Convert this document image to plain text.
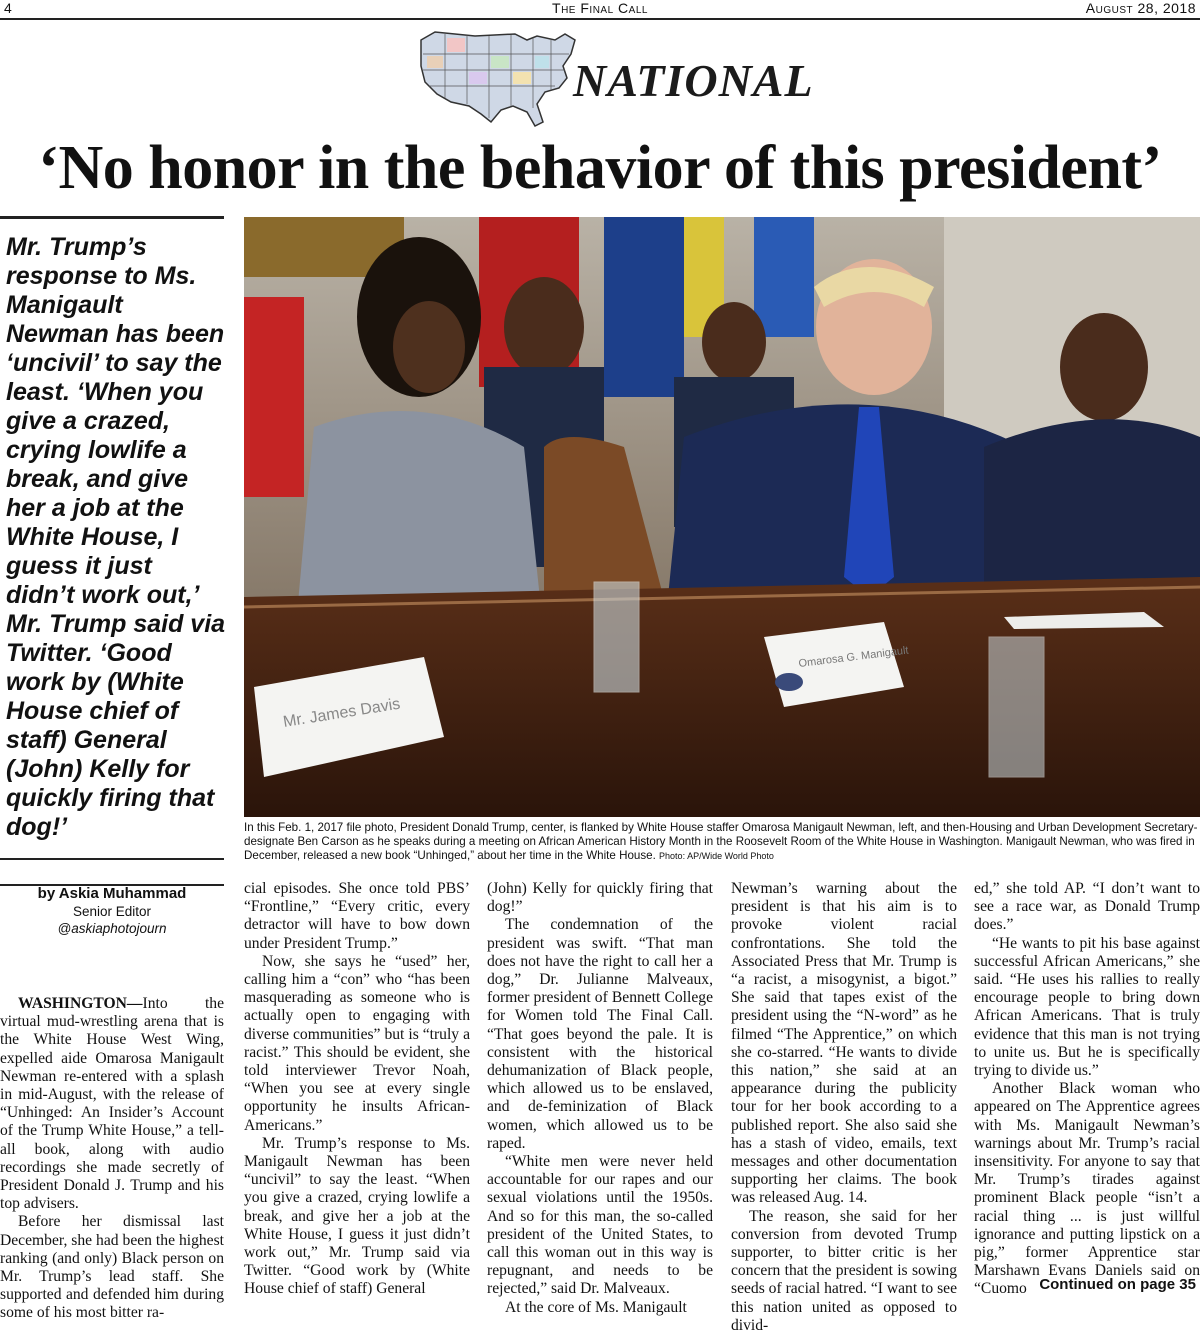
4	The Final Call	August 28, 2018
NATIONAL
‘No honor in the behavior of this president’
Mr. Trump’s response to Ms. Manigault Newman has been ‘uncivil’ to say the least. ‘When you give a crazed, crying lowlife a break, and give her a job at the White House, I guess it just didn’t work out,’ Mr. Trump said via Twitter. ‘Good work by (White House chief of staff) General (John) Kelly for quickly firing that dog!’
Mr. James Davis
Omarosa G. Manigault
In this Feb. 1, 2017 file photo, President Donald Trump, center, is flanked by White House staffer Omarosa Manigault Newman, left, and then-Housing and Urban Development Secretary-designate Ben Carson as he speaks during a meeting on African American History Month in the Roosevelt Room of the White House in Washington. Manigault Newman, who was fired in December, released a new book “Unhinged,” about her time in the White House. Photo: AP/Wide World Photo
by Askia Muhammad
Senior Editor
@askiaphotojourn

WASHINGTON—Into the virtual mud-wrestling arena that is the White House West Wing, expelled aide Omarosa Manigault Newman re-entered with a splash in mid-August, with the release of “Unhinged: An Insider’s Account of the Trump White House,” a tell-all book, along with audio recordings she made secretly of President Donald J. Trump and his top advisers.

Before her dismissal last December, she had been the highest ranking (and only) Black person on Mr. Trump’s lead staff. She supported and defended him during some of his most bitter ra-

cial episodes. She once told PBS’ “Frontline,” “Every critic, every detractor will have to bow down under President Trump.”

Now, she says he “used” her, calling him a “con” who “has been masquerading as someone who is actually open to engaging with diverse communities” but is “truly a racist.” This should be evident, she told interviewer Trevor Noah, “When you see at every single opportunity he insults African-Americans.”

Mr. Trump’s response to Ms. Manigault Newman has been “uncivil” to say the least. “When you give a crazed, crying lowlife a break, and give her a job at the White House, I guess it just didn’t work out,” Mr. Trump said via Twitter. “Good work by (White House chief of staff) General

(John) Kelly for quickly firing that dog!”

The condemnation of the president was swift. “That man does not have the right to call her a dog,” Dr. Julianne Malveaux, former president of Bennett College for Women told The Final Call. “That goes beyond the pale. It is consistent with the historical dehumanization of Black people, which allowed us to be enslaved, and de-feminization of Black women, which allowed us to be raped.

“White men were never held accountable for our rapes and our sexual violations until the 1950s. And so for this man, the so-called president of the United States, to call this woman out in this way is repugnant, and needs to be rejected,” said Dr. Malveaux.

At the core of Ms. Manigault

Newman’s warning about the president is that his aim is to provoke violent racial confrontations. She told the Associated Press that Mr. Trump is “a racist, a misogynist, a bigot.” She said that tapes exist of the president using the “N-word” as he filmed “The Apprentice,” on which she co-starred. “He wants to divide this nation,” she said at an appearance during the publicity tour for her book according to a published report. She also said she has a stash of video, emails, text messages and other documentation supporting her claims. The book was released Aug. 14.

The reason, she said for her conversion from devoted Trump supporter, to bitter critic is her concern that the president is sowing seeds of racial hatred. “I want to see this nation united as opposed to divid-

ed,” she told AP. “I don’t want to see a race war, as Donald Trump does.”

“He wants to pit his base against successful African Americans,” she said. “He uses his rallies to really encourage people to bring down African Americans. That is truly evidence that this man is not trying to unite us. But he is specifically trying to divide us.”

Another Black woman who appeared on The Apprentice agrees with Ms. Manigault Newman’s warnings about Mr. Trump’s racial insensitivity. For anyone to say that Mr. Trump’s tirades against prominent Black people “isn’t a racial thing ... is just willful ignorance and putting lipstick on a pig,” former Apprentice star Marshawn Evans Daniels said on “Cuomo Continued on page 35
